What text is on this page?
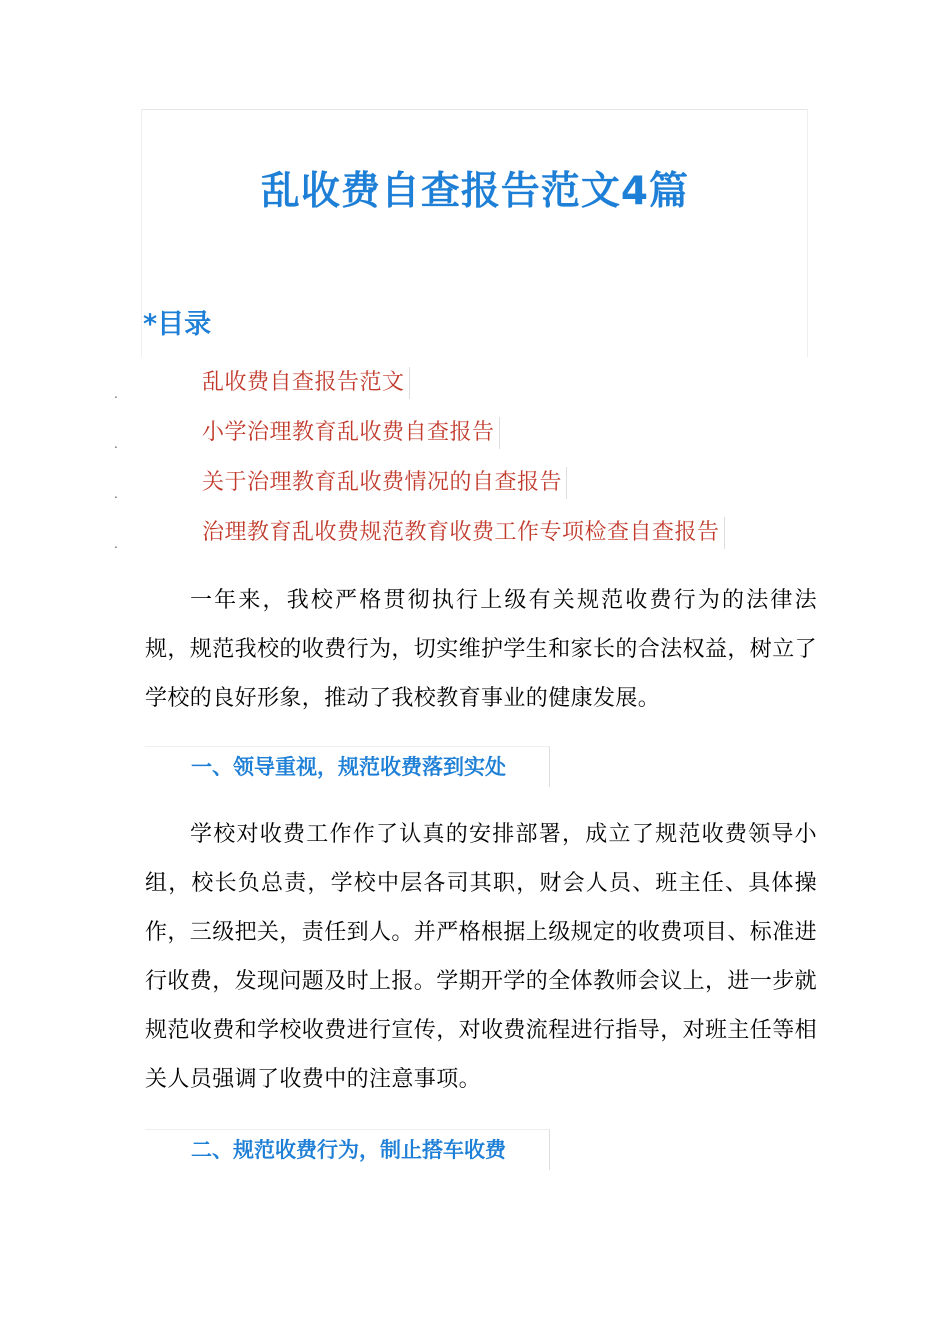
乱收费自查报告范文4篇
*目录
.	乱收费自查报告范文
.	小学治理教育乱收费自查报告
.	关于治理教育乱收费情况的自查报告
.	治理教育乱收费规范教育收费工作专项检查自查报告

一年来，我校严格贯彻执行上级有关规范收费行为的法律法规，规范我校的收费行为，切实维护学生和家长的合法权益，树立了学校的良好形象，推动了我校教育事业的健康发展。

一、领导重视，规范收费落到实处

学校对收费工作作了认真的安排部署，成立了规范收费领导小组，校长负总责，学校中层各司其职，财会人员、班主任、具体操作，三级把关，责任到人。并严格根据上级规定的收费项目、标准进行收费，发现问题及时上报。学期开学的全体教师会议上，进一步就规范收费和学校收费进行宣传，对收费流程进行指导，对班主任等相关人员强调了收费中的注意事项。

二、规范收费行为，制止搭车收费
